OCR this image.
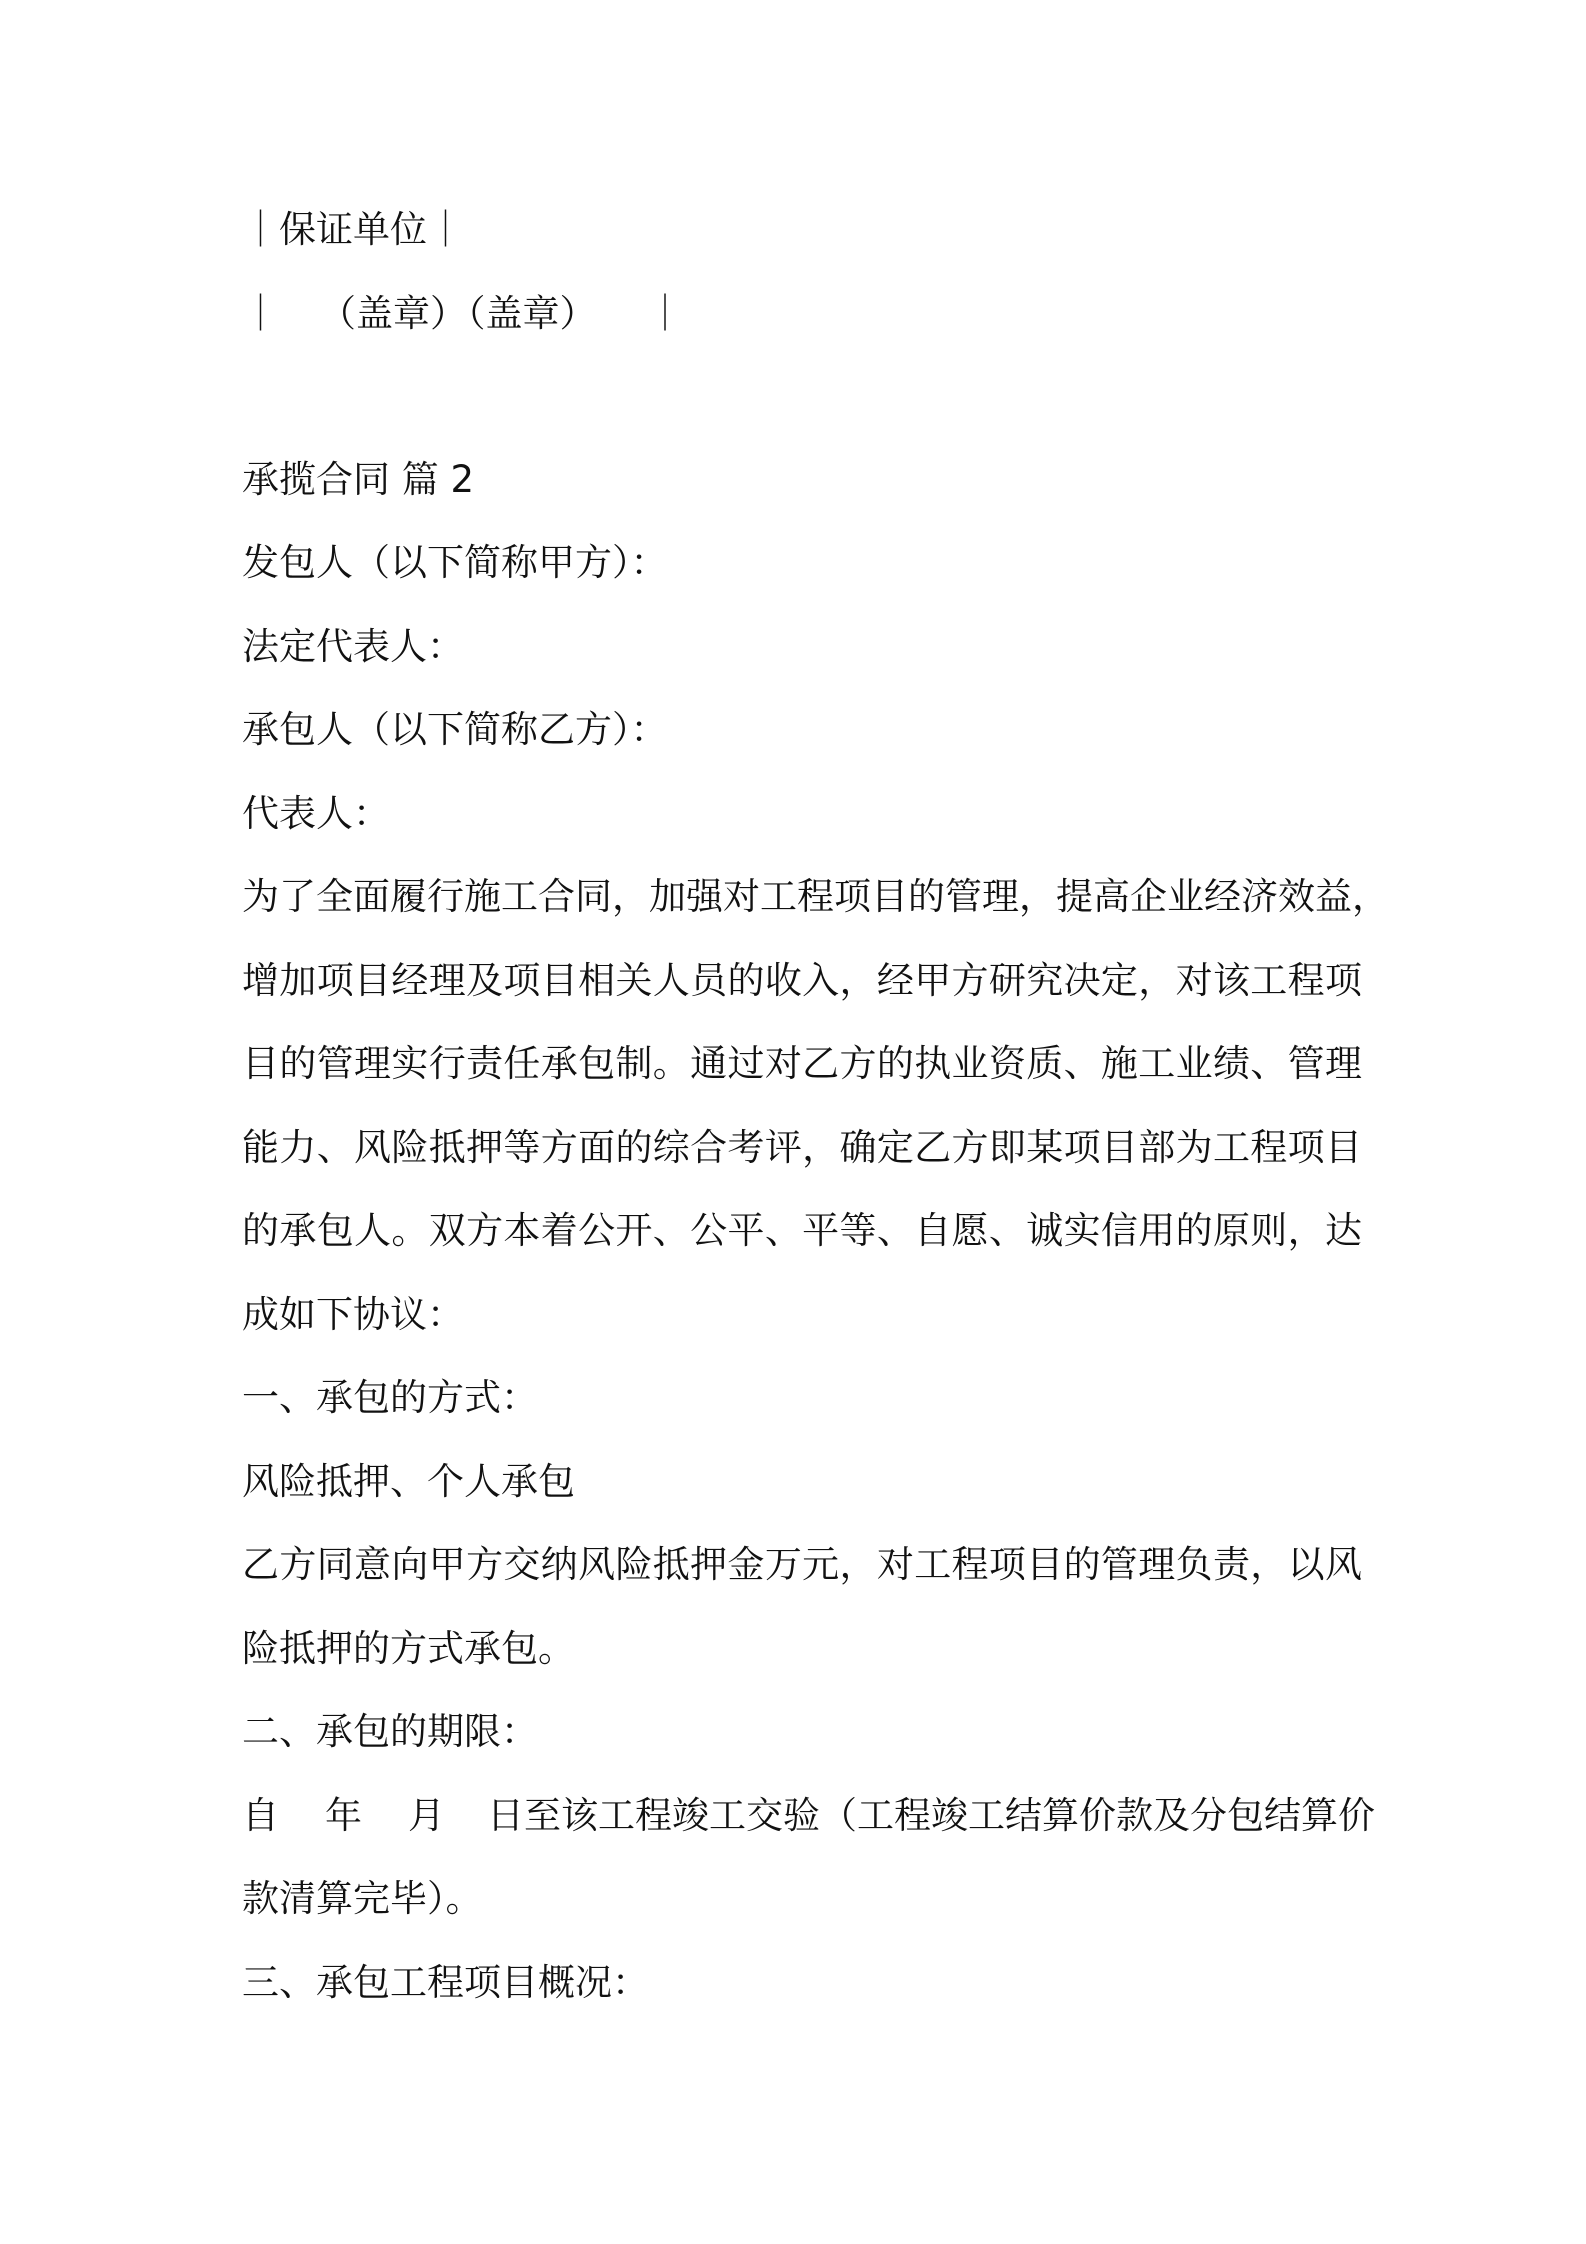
｜保证单位｜
｜ （盖章）（盖章） ｜
承揽合同 篇 2
发包人（以下简称甲方）：
法定代表人：
承包人（以下简称乙方）：
代表人：
为了全面履行施工合同，加强对工程项目的管理，提高企业经济效益，
增加项目经理及项目相关人员的收入，经甲方研究决定，对该工程项
目的管理实行责任承包制。通过对乙方的执业资质、施工业绩、管理
能力、风险抵押等方面的综合考评，确定乙方即某项目部为工程项目
的承包人。双方本着公开、公平、平等、自愿、诚实信用的原则，达
成如下协议：
一、承包的方式：
风险抵押、个人承包
乙方同意向甲方交纳风险抵押金万元，对工程项目的管理负责，以风
险抵押的方式承包。
二、承包的期限：
自 年 月 日至该工程竣工交验（工程竣工结算价款及分包结算价
款清算完毕）。
三、承包工程项目概况：
